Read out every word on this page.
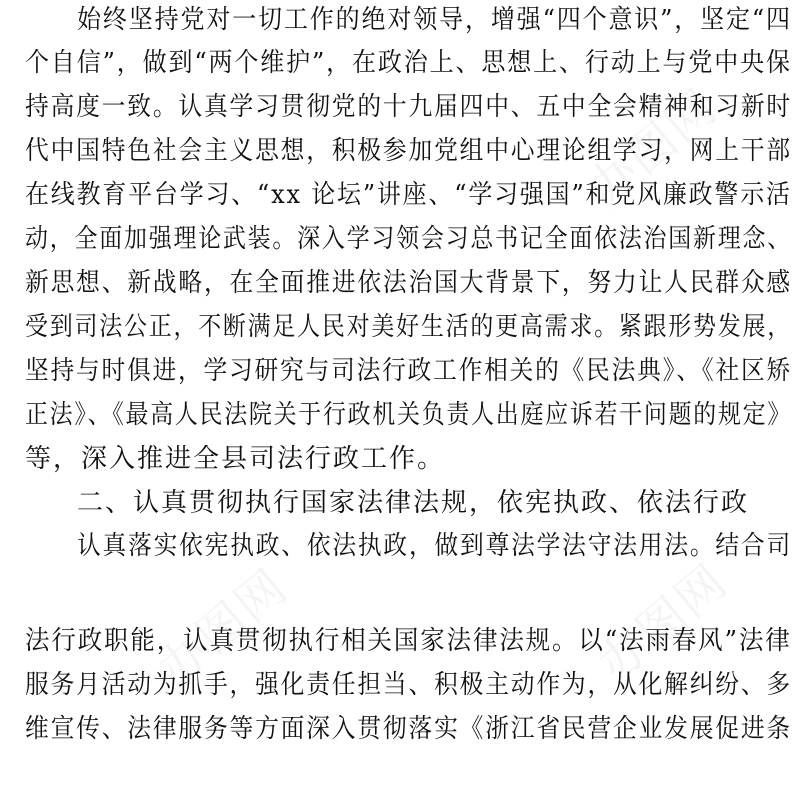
办图网
办图网	办图网
始终坚持党对一切工作的绝对领导，增强“四个意识”，坚定“四
个自信”，做到“两个维护”，在政治上、思想上、行动上与党中央保
持高度一致。认真学习贯彻党的十九届四中、五中全会精神和习新时
代中国特色社会主义思想，积极参加党组中心理论组学习，网上干部
在线教育平台学习、“xx 论坛”讲座、“学习强国”和党风廉政警示活
动，全面加强理论武装。深入学习领会习总书记全面依法治国新理念、
新思想、新战略，在全面推进依法治国大背景下，努力让人民群众感
受到司法公正，不断满足人民对美好生活的更高需求。紧跟形势发展，
坚持与时俱进，学习研究与司法行政工作相关的《民法典》、《社区矫
正法》、《最高人民法院关于行政机关负责人出庭应诉若干问题的规定》
等，深入推进全县司法行政工作。
二、认真贯彻执行国家法律法规，依宪执政、依法行政
认真落实依宪执政、依法执政，做到尊法学法守法用法。结合司
法行政职能，认真贯彻执行相关国家法律法规。以“法雨春风”法律
服务月活动为抓手，强化责任担当、积极主动作为，从化解纠纷、多
维宣传、法律服务等方面深入贯彻落实《浙江省民营企业发展促进条
